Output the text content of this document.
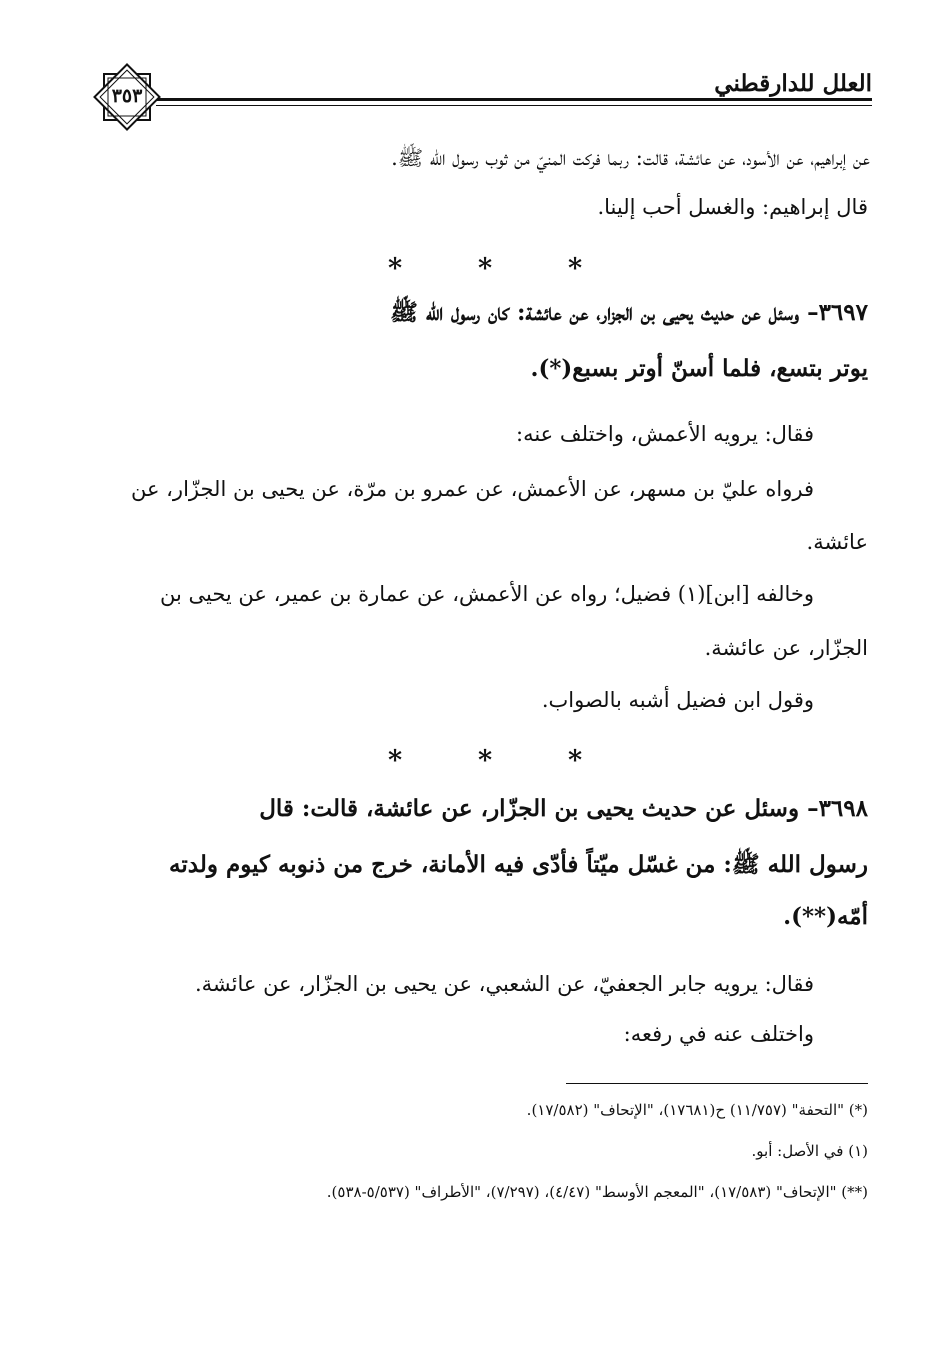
العلل للدارقطني
٣٥٣
عن إبراهيم، عن الأسود، عن عائشة، قالت: ربما فركت المنيّ من ثوب رسول الله ﷺ.
قال إبراهيم: والغسل أحب إلينا.
*	*	*
٣٦٩٧– وسئل عن حديث يحيى بن الجزار، عن عائشة: كان رسول الله ﷺ
يوتر بتسع، فلما أسنّ أوتر بسبع(*).
فقال: يرويه الأعمش، واختلف عنه:
فرواه عليّ بن مسهر، عن الأعمش، عن عمرو بن مرّة، عن يحيى بن الجزّار، عن
عائشة.
وخالفه [ابن](١) فضيل؛ رواه عن الأعمش، عن عمارة بن عمير، عن يحيى بن
الجزّار، عن عائشة.
وقول ابن فضيل أشبه بالصواب.
*	*	*
٣٦٩٨– وسئل عن حديث يحيى بن الجزّار، عن عائشة، قالت: قال
رسول الله ﷺ: من غسّل ميّتاً فأدّى فيه الأمانة، خرج من ذنوبه كيوم ولدته
أمّه(**).
فقال: يرويه جابر الجعفيّ، عن الشعبي، عن يحيى بن الجزّار، عن عائشة.
واختلف عنه في رفعه:
(*) "التحفة" (١١/٧٥٧) ح(١٧٦٨١)، "الإتحاف" (١٧/٥٨٢).
(١) في الأصل: أبو.
(**) "الإتحاف" (١٧/٥٨٣)، "المعجم الأوسط" (٤/٤٧)، (٧/٢٩٧)، "الأطراف" (٥/٥٣٧-٥٣٨).
